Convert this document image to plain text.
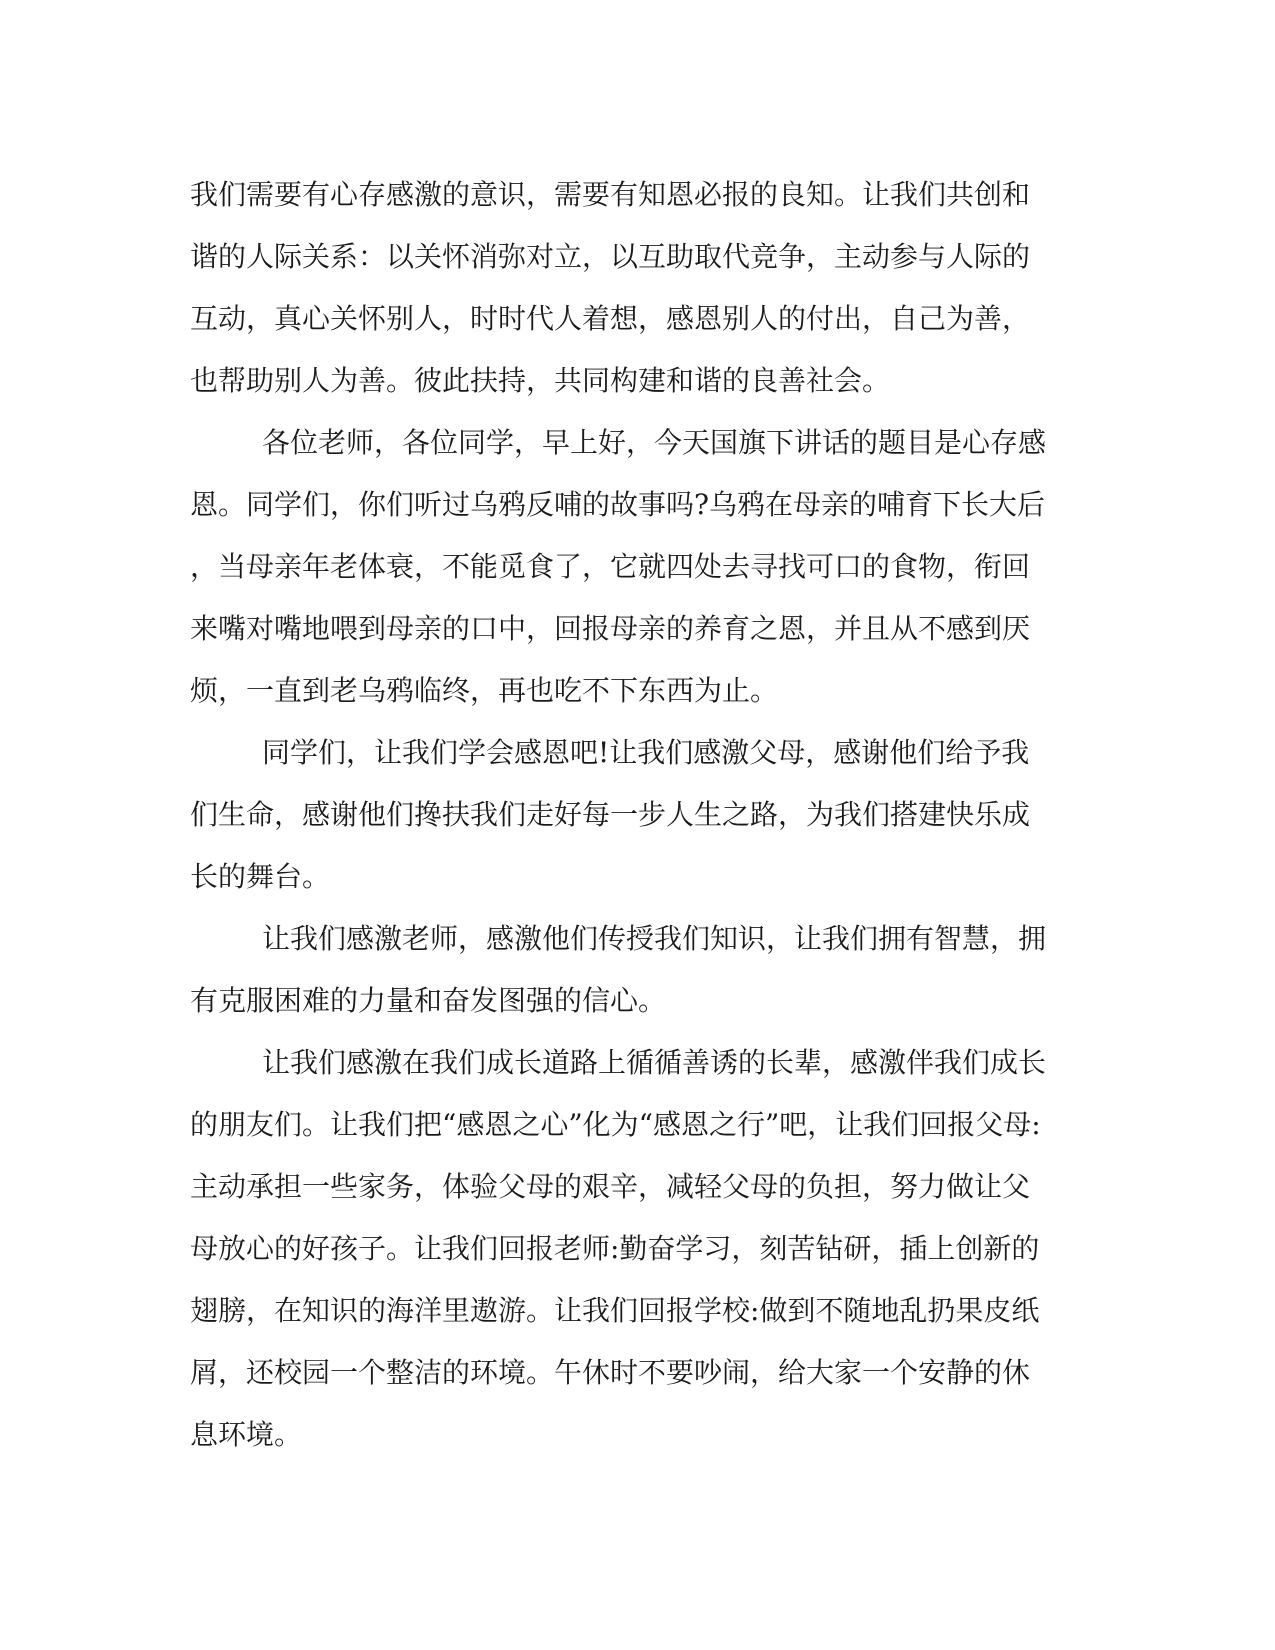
我们需要有心存感激的意识，需要有知恩必报的良知。让我们共创和
谐的人际关系：以关怀消弥对立，以互助取代竞争，主动参与人际的
互动，真心关怀别人，时时代人着想，感恩别人的付出，自己为善，
也帮助别人为善。彼此扶持，共同构建和谐的良善社会。
各位老师，各位同学，早上好，今天国旗下讲话的题目是心存感
恩。同学们，你们听过乌鸦反哺的故事吗?乌鸦在母亲的哺育下长大后
，当母亲年老体衰，不能觅食了，它就四处去寻找可口的食物，衔回
来嘴对嘴地喂到母亲的口中，回报母亲的养育之恩，并且从不感到厌
烦，一直到老乌鸦临终，再也吃不下东西为止。
同学们，让我们学会感恩吧!让我们感激父母，感谢他们给予我
们生命，感谢他们搀扶我们走好每一步人生之路，为我们搭建快乐成
长的舞台。
让我们感激老师，感激他们传授我们知识，让我们拥有智慧，拥
有克服困难的力量和奋发图强的信心。
让我们感激在我们成长道路上循循善诱的长辈，感激伴我们成长
的朋友们。让我们把“感恩之心”化为“感恩之行”吧，让我们回报父母:
主动承担一些家务，体验父母的艰辛，减轻父母的负担，努力做让父
母放心的好孩子。让我们回报老师:勤奋学习，刻苦钻研，插上创新的
翅膀，在知识的海洋里遨游。让我们回报学校:做到不随地乱扔果皮纸
屑，还校园一个整洁的环境。午休时不要吵闹，给大家一个安静的休
息环境。
